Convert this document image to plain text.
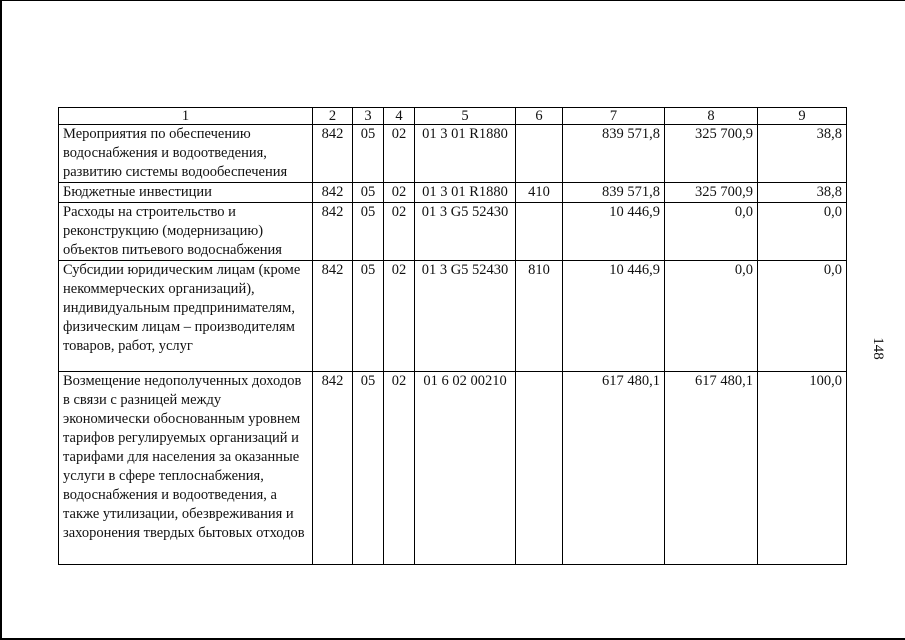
1	2	3	4	5	6	7	8	9
Мероприятия по обеспечению водоснабжения и водоотведения, развитию системы водообеспечения	842	05	02	01 3 01 R1880		839 571,8	325 700,9	38,8
Бюджетные инвестиции	842	05	02	01 3 01 R1880	410	839 571,8	325 700,9	38,8
Расходы на строительство и реконструкцию (модернизацию) объектов питьевого водоснабжения	842	05	02	01 3 G5 52430		10 446,9	0,0	0,0
Субсидии юридическим лицам (кроме некоммерческих организаций), индивидуальным предпринимателям, физическим лицам – производителям товаров, работ, услуг	842	05	02	01 3 G5 52430	810	10 446,9	0,0	0,0
Возмещение недополученных доходов в связи с разницей между экономически обоснованным уровнем тарифов регулируемых организаций и тарифами для населения за оказанные услуги в сфере теплоснабжения, водоснабжения и водоотведения, а также утилизации, обезвреживания и захоронения твердых бытовых отходов	842	05	02	01 6 02 00210		617 480,1	617 480,1	100,0
148
